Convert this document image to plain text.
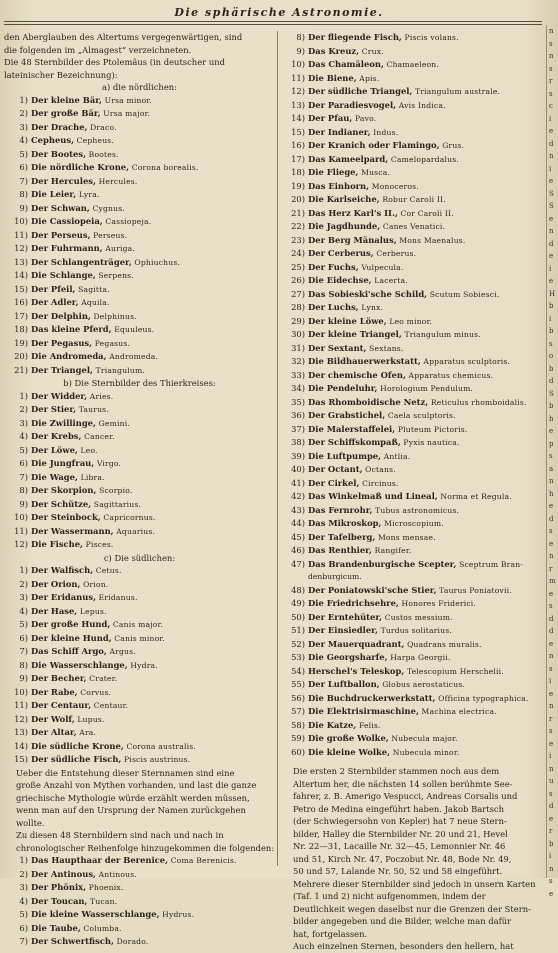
Die sphärische Astronomie.
den Aberglauben des Altertums vergegenwärtigen, sind
die folgenden im „Almagest“ verzeichneten.
Die 48 Sternbilder des Ptolemäus (in deutscher und
lateinischer Bezeichnung):
a) die nördlichen:
1) Der kleine Bär, Ursa minor.
2) Der große Bär, Ursa major.
3) Der Drache, Draco.
4) Cepheus, Cepheus.
5) Der Bootes, Bootes.
6) Die nördliche Krone, Corona borealis.
7) Der Hercules, Hercules.
8) Die Leier, Lyra.
9) Der Schwan, Cygnus.
10) Die Cassiopeia, Cassiopeja.
11) Der Perseus, Perseus.
12) Der Fuhrmann, Auriga.
13) Der Schlangenträger, Ophiuchus.
14) Die Schlange, Serpens.
15) Der Pfeil, Sagitta.
16) Der Adler, Aquila.
17) Der Delphin, Delphinus.
18) Das kleine Pferd, Equuleus.
19) Der Pegasus, Pegasus.
20) Die Andromeda, Andromeda.
21) Der Triangel, Triangulum.
b) Die Sternbilder des Thierkreises:
1) Der Widder, Aries.
2) Der Stier, Taurus.
3) Die Zwillinge, Gemini.
4) Der Krebs, Cancer.
5) Der Löwe, Leo.
6) Die Jungfrau, Virgo.
7) Die Wage, Libra.
8) Der Skorpion, Scorpio.
9) Der Schütze, Sagittarius.
10) Der Steinbock, Capricornus.
11) Der Wassermann, Aquarius.
12) Die Fische, Pisces.
c) Die südlichen:
1) Der Walfisch, Cetus.
2) Der Orion, Orion.
3) Der Eridanus, Eridanus.
4) Der Hase, Lepus.
5) Der große Hund, Canis major.
6) Der kleine Hund, Canis minor.
7) Das Schiff Argo, Argus.
8) Die Wasserschlange, Hydra.
9) Der Becher, Crater.
10) Der Rabe, Corvus.
11) Der Centaur, Centaur.
12) Der Wolf, Lupus.
13) Der Altar, Ara.
14) Die südliche Krone, Corona australis.
15) Der südliche Fisch, Piscis austrinus.
Ueber die Entstehung dieser Sternnamen sind eine
große Anzahl von Mythen vorhanden, und last die ganze
griechische Mythologie würde erzählt werden müssen,
wenn man auf den Ursprung der Namen zurückgehen
wollte.
Zu diesen 48 Sternbildern sind nach und nach in
chronologischer Reihenfolge hinzugekommen die folgenden:
1) Das Haupthaar der Berenice, Coma Berenicis.
2) Der Antinous, Antinous.
3) Der Phönix, Phoenix.
4) Der Toucan, Tucan.
5) Die kleine Wasserschlange, Hydrus.
6) Die Taube, Columba.
7) Der Schwertfisch, Dorado.
8) Der fliegende Fisch, Piscis volans.
9) Das Kreuz, Crux.
10) Das Chamäleon, Chamaeleon.
11) Die Biene, Apis.
12) Der südliche Triangel, Triangulum australe.
13) Der Paradiesvogel, Avis Indica.
14) Der Pfau, Pavo.
15) Der Indianer, Indus.
16) Der Kranich oder Flamingo, Grus.
17) Das Kameelpard, Camelopardalus.
18) Die Fliege, Musca.
19) Das Einhorn, Monoceros.
20) Die Karlseiche, Robur Caroli II.
21) Das Herz Karl's II., Cor Caroli II.
22) Die Jagdhunde, Canes Venatici.
23) Der Berg Mänalus, Mons Maenalus.
24) Der Cerberus, Cerberus.
25) Der Fuchs, Vulpecula.
26) Die Eidechse, Lacerta.
27) Das Sobieski'sche Schild, Scutum Sobiesci.
28) Der Luchs, Lynx.
29) Der kleine Löwe, Leo minor.
30) Der kleine Triangel, Triangulum minus.
31) Der Sextant, Sextans.
32) Die Bildhauerwerkstatt, Apparatus sculptoris.
33) Der chemische Ofen, Apparatus chemicus.
34) Die Pendeluhr, Horologium Pendulum.
35) Das Rhomboidische Netz, Reticulus rhomboidalis.
36) Der Grabstichel, Caela sculptoris.
37) Die Malerstaffelei, Pluteum Pictoris.
38) Der Schiffskompaß, Pyxis nautica.
39) Die Luftpumpe, Antlia.
40) Der Octant, Octans.
41) Der Cirkel, Circinus.
42) Das Winkelmaß und Lineal, Norma et Regula.
43) Das Fernrohr, Tubus astronomicus.
44) Das Mikroskop, Microscopium.
45) Der Tafelberg, Mons mensae.
46) Das Renthier, Rangifer.
47) Das Brandenburgische Scepter, Sceptrum Bran-
denburgicum.
48) Der Poniatowski'sche Stier, Taurus Poniatovii.
49) Die Friedrichsehre, Honores Friderici.
50) Der Erntehüter, Custos messium.
51) Der Einsiedler, Turdus solitarius.
52) Der Mauerquadrant, Quadrans muralis.
53) Die Georgsharfe, Harpa Georgii.
54) Herschel's Teleskop, Telescopium Herschelii.
55) Der Luftballon, Globus aerostaticus.
56) Die Buchdruckerwerkstatt, Officina typographica.
57) Die Elektrisirmaschine, Machina electrica.
58) Die Katze, Felis.
59) Die große Wolke, Nubecula major.
60) Die kleine Wolke, Nubecula minor.

Die ersten 2 Sternbilder stammen noch aus dem
Altertum her, die nächsten 14 sollen berühmte See-
fahrer, z. B. Amerigo Vespucci, Andreas Corsalis und
Petro de Medina eingeführt haben. Jakob Bartsch
(der Schwiegersohn von Kepler) hat 7 neue Stern-
bilder, Halley die Sternbilder Nr. 20 und 21, Hevel
Nr. 22—31, Lacaille Nr. 32—45, Lemonnier Nr. 46
und 51, Kirch Nr. 47, Poczobut Nr. 48, Bode Nr. 49,
50 und 57, Lalande Nr. 50, 52 und 58 eingeführt.
Mehrere dieser Sternbilder sind jedoch in unsern Karten
(Taf. 1 und 2) nicht aufgenommen, indem der
Deutlichkeit wegen daselbst nur die Grenzen der Stern-
bilder angegeben und die Bilder, welche man dafür
hat, fortgelassen.
Auch einzelnen Sternen, besonders den hellern, hat
n
s
n
s
r
s
c
i
e
d
n
i
e
S
S
e
n
d
e
i
e
H
b
i
b
s
o
b
d
S
b
h
e
p
s
a
n
h
e
d
s
e
n
r
m
e
s
d
d
e
n
s
i
e
n
r
s
e
i
n
u
s
d
e
r
b
i
n
s
e
